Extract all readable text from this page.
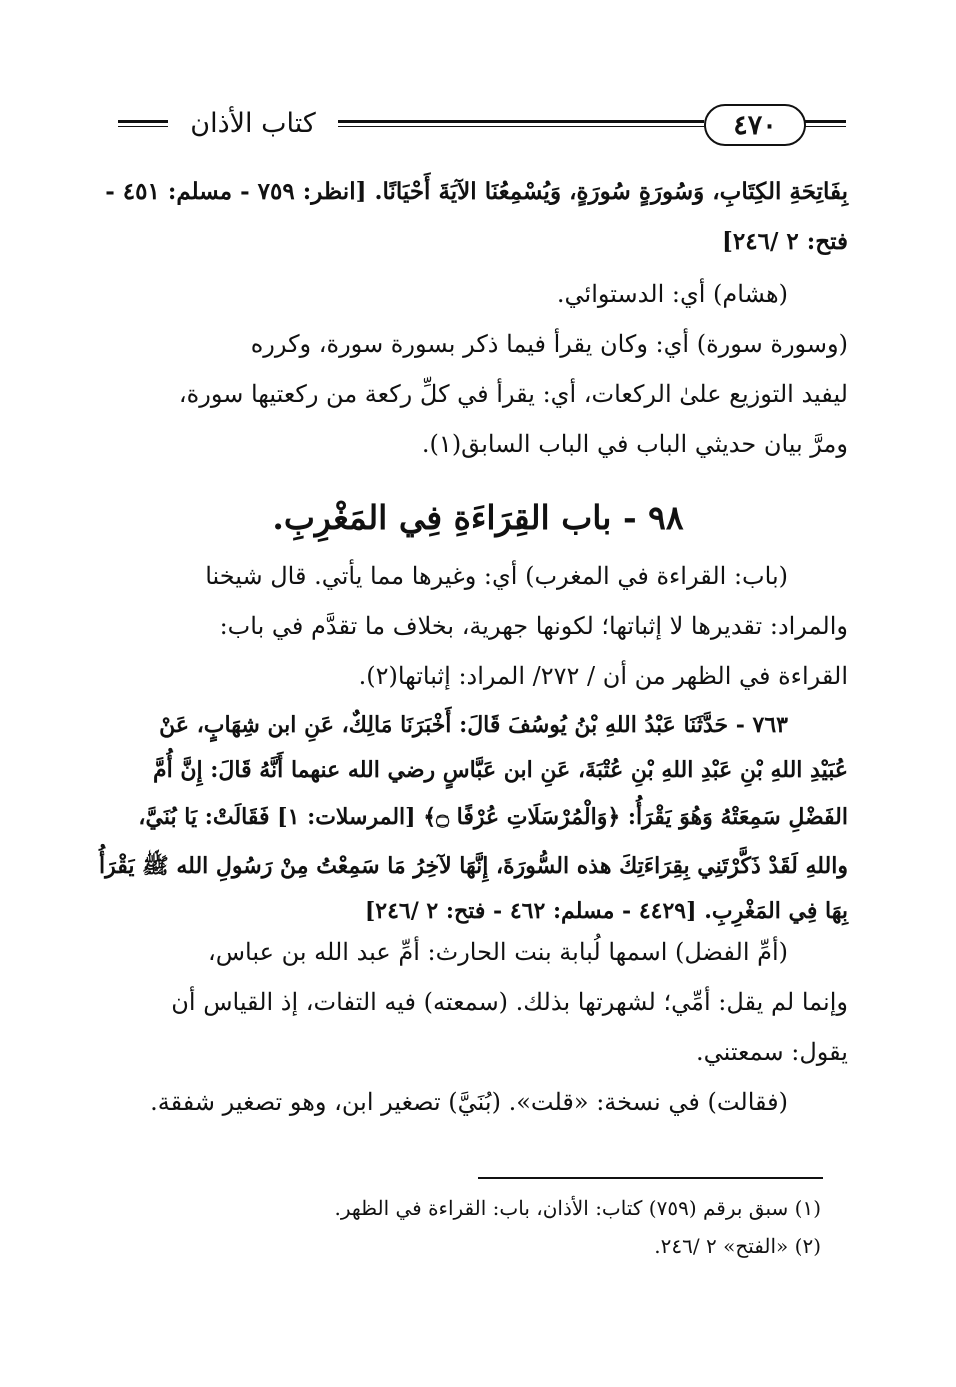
كتاب الأذان	٤٧٠
بِفَاتِحَةِ الكِتَابِ، وَسُورَةٍ سُورَةٍ، وَيُسْمِعُنَا الآيَةَ أَحْيَانًا. [انظر: ٧٥٩ - مسلم: ٤٥١ -
فتح: ٢ /٢٤٦]
(هشام) أي: الدستوائي.
(وسورة سورة) أي: وكان يقرأ فيما ذكر بسورة سورة، وكرره
ليفيد التوزيع علىٰ الركعات، أي: يقرأ في كلِّ ركعة من ركعتيها سورة،
ومرَّ بيان حديثي الباب في الباب السابق(١).
٩٨ - باب القِرَاءَةِ فِي المَغْرِبِ.
(باب: القراءة في المغرب) أي: وغيرها مما يأتي. قال شيخنا
والمراد: تقديرها لا إثباتها؛ لكونها جهرية، بخلاف ما تقدَّم في باب:
القراءة في الظهر من أن / ٢٧٢/ المراد: إثباتها(٢).
٧٦٣ - حَدَّثَنَا عَبْدُ اللهِ بْنُ يُوسُفَ قَالَ: أَخْبَرَنَا مَالِكٌ، عَنِ ابن شِهَابٍ، عَنْ
عُبَيْدِ اللهِ بْنِ عَبْدِ اللهِ بْنِ عُتْبَةَ، عَنِ ابن عَبَّاسٍ رضي الله عنهما أَنَّهُ قَالَ: إِنَّ أُمَّ
الفَضْلِ سَمِعَتْهُ وَهُوَ يَقْرَأُ: ﴿وَالْمُرْسَلَاتِ عُرْفًا ۝﴾ [المرسلات: ١] فَقَالَتْ: يَا بُنَيَّ،
واللهِ لَقَدْ ذَكَّرْتَنِي بِقِرَاءَتِكَ هذه السُّورَةَ، إِنَّهَا لآخِرُ مَا سَمِعْتُ مِنْ رَسُولِ الله ﷺ يَقْرَأُ
بِهَا فِي المَغْرِبِ. [٤٤٢٩ - مسلم: ٤٦٢ - فتح: ٢ /٢٤٦]
(أمِّ الفضل) اسمها لُبابة بنت الحارث: أمِّ عبد الله بن عباس،
وإنما لم يقل: أمِّي؛ لشهرتها بذلك. (سمعته) فيه التفات، إذ القياس أن
يقول: سمعتني.
(فقالت) في نسخة: «قلت». (بُنَيَّ) تصغير ابن، وهو تصغير شفقة.
(١) سبق برقم (٧٥٩) كتاب: الأذان، باب: القراءة في الظهر.
(٢) «الفتح» ٢ /٢٤٦.
